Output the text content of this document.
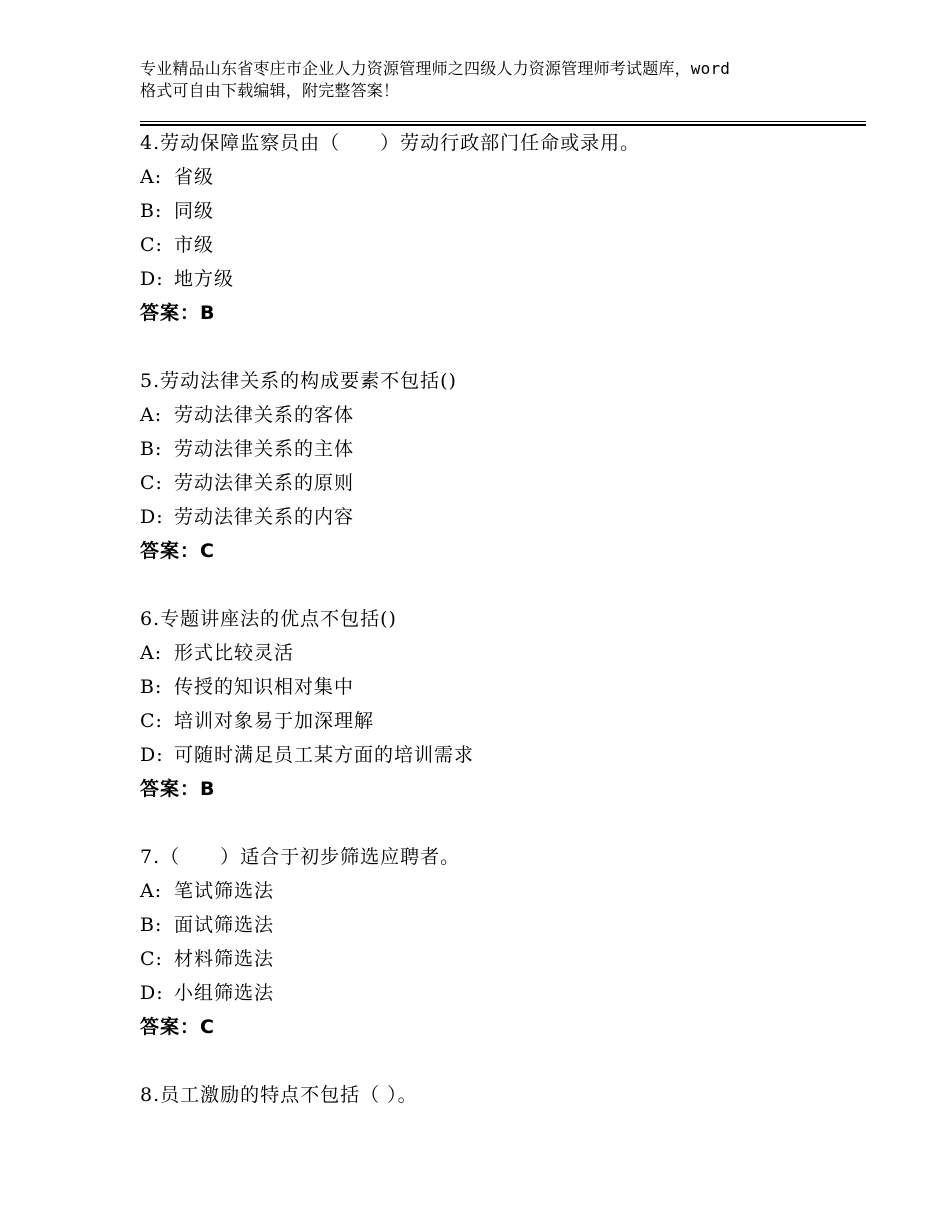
专业精品山东省枣庄市企业人力资源管理师之四级人力资源管理师考试题库，word
格式可自由下载编辑，附完整答案！
4.劳动保障监察员由（　　）劳动行政部门任命或录用。
A: 省级
B: 同级
C: 市级
D: 地方级
答案：B
5.劳动法律关系的构成要素不包括()
A: 劳动法律关系的客体
B: 劳动法律关系的主体
C: 劳动法律关系的原则
D: 劳动法律关系的内容
答案：C
6.专题讲座法的优点不包括()
A: 形式比较灵活
B: 传授的知识相对集中
C: 培训对象易于加深理解
D: 可随时满足员工某方面的培训需求
答案：B
7.（　　）适合于初步筛选应聘者。
A: 笔试筛选法
B: 面试筛选法
C: 材料筛选法
D: 小组筛选法
答案：C
8.员工激励的特点不包括（ ）。
